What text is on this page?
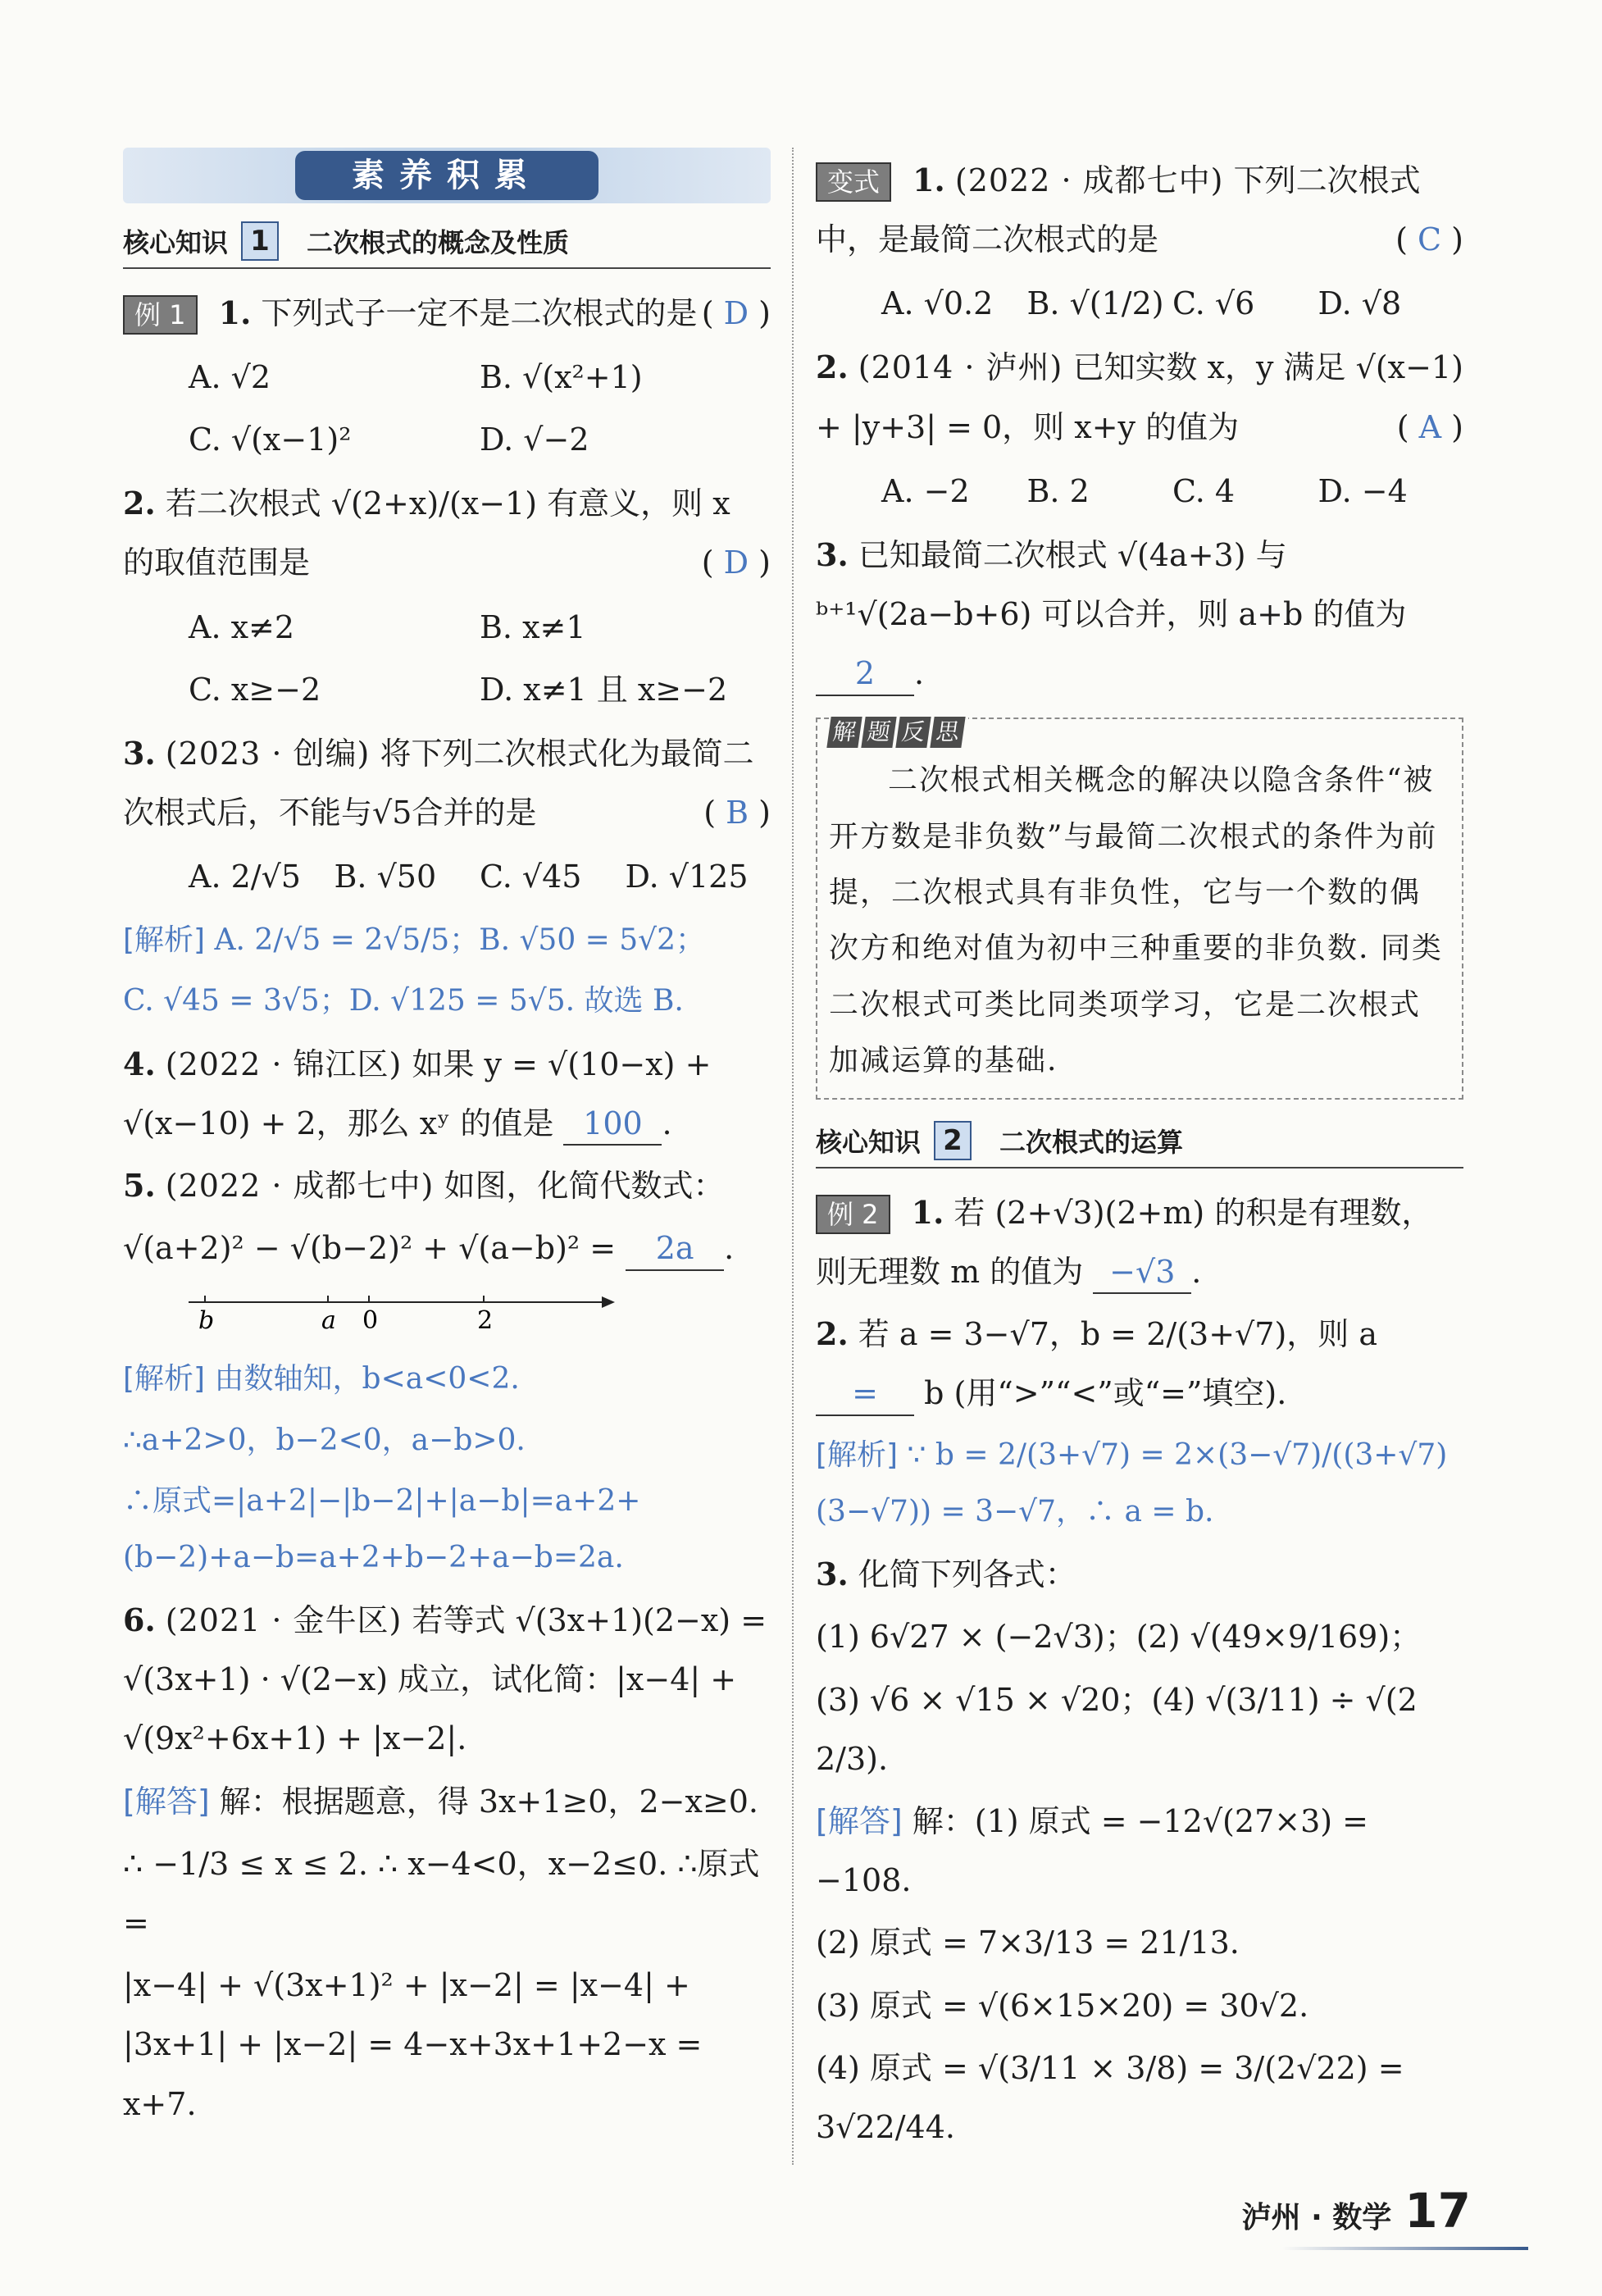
素养积累
核心知识 1	二次根式的概念及性质
例 1 1. 下列式子一定不是二次根式的是 ( D )
A. √2	B. √(x²+1)
C. √(x−1)²	D. √−2
2. 若二次根式 √(2+x)/(x−1) 有意义，则 x 的取值范围是	( D )
A. x≠2	B. x≠1
C. x≥−2	D. x≠1 且 x≥−2
3. (2023 · 创编) 将下列二次根式化为最简二次根式后，不能与√5合并的是	( B )
A. 2/√5	B. √50	C. √45	D. √125
[解析] A. 2/√5 = 2√5/5；B. √50 = 5√2；
C. √45 = 3√5；D. √125 = 5√5. 故选 B.
4. (2022 · 锦江区) 如果 y = √(10−x) + √(x−10) + 2，那么 xʸ 的值是 100 .
5. (2022 · 成都七中) 如图，化简代数式：
√(a+2)² − √(b−2)² + √(a−b)² = 2a .
b	a 0	2
[解析] 由数轴知，b<a<0<2.
∴a+2>0，b−2<0，a−b>0.
∴原式=|a+2|−|b−2|+|a−b|=a+2+(b−2)+a−b=a+2+b−2+a−b=2a.
6. (2021 · 金牛区) 若等式 √(3x+1)(2−x) = √(3x+1) · √(2−x) 成立，试化简：|x−4| + √(9x²+6x+1) + |x−2|.
[解答] 解：根据题意，得 3x+1≥0，2−x≥0.
∴ −1/3 ≤ x ≤ 2. ∴ x−4<0，x−2≤0. ∴原式=
|x−4| + √(3x+1)² + |x−2| = |x−4| + |3x+1| + |x−2| = 4−x+3x+1+2−x = x+7.
变式 1. (2022 · 成都七中) 下列二次根式中，是最简二次根式的是	( C )
A. √0.2	B. √(1/2) C. √6	D. √8
2. (2014 · 泸州) 已知实数 x，y 满足 √(x−1) + |y+3| = 0，则 x+y 的值为	( A )
A. −2	B. 2	C. 4	D. −4
3. 已知最简二次根式 √(4a+3) 与 ᵇ⁺¹√(2a−b+6) 可以合并，则 a+b 的值为 2 .
解 题 反 思
二次根式相关概念的解决以隐含条件“被开方数是非负数”与最简二次根式的条件为前提，二次根式具有非负性，它与一个数的偶次方和绝对值为初中三种重要的非负数. 同类二次根式可类比同类项学习，它是二次根式加减运算的基础.
核心知识 2	二次根式的运算
例 2 1. 若 (2+√3)(2+m) 的积是有理数，则无理数 m 的值为 −√3 .
2. 若 a = 3−√7，b = 2/(3+√7)，则 a = b (用“>”“<”或“=”填空).
[解析] ∵ b = 2/(3+√7) = 2×(3−√7)/((3+√7)(3−√7)) = 3−√7，∴ a = b.
3. 化简下列各式：
(1) 6√27 × (−2√3)；(2) √(49×9/169)；
(3) √6 × √15 × √20；(4) √(3/11) ÷ √(2 2/3).
[解答] 解：(1) 原式 = −12√(27×3) = −108.
(2) 原式 = 7×3/13 = 21/13.
(3) 原式 = √(6×15×20) = 30√2.
(4) 原式 = √(3/11 × 3/8) = 3/(2√22) = 3√22/44.
泸州 · 数学 17
